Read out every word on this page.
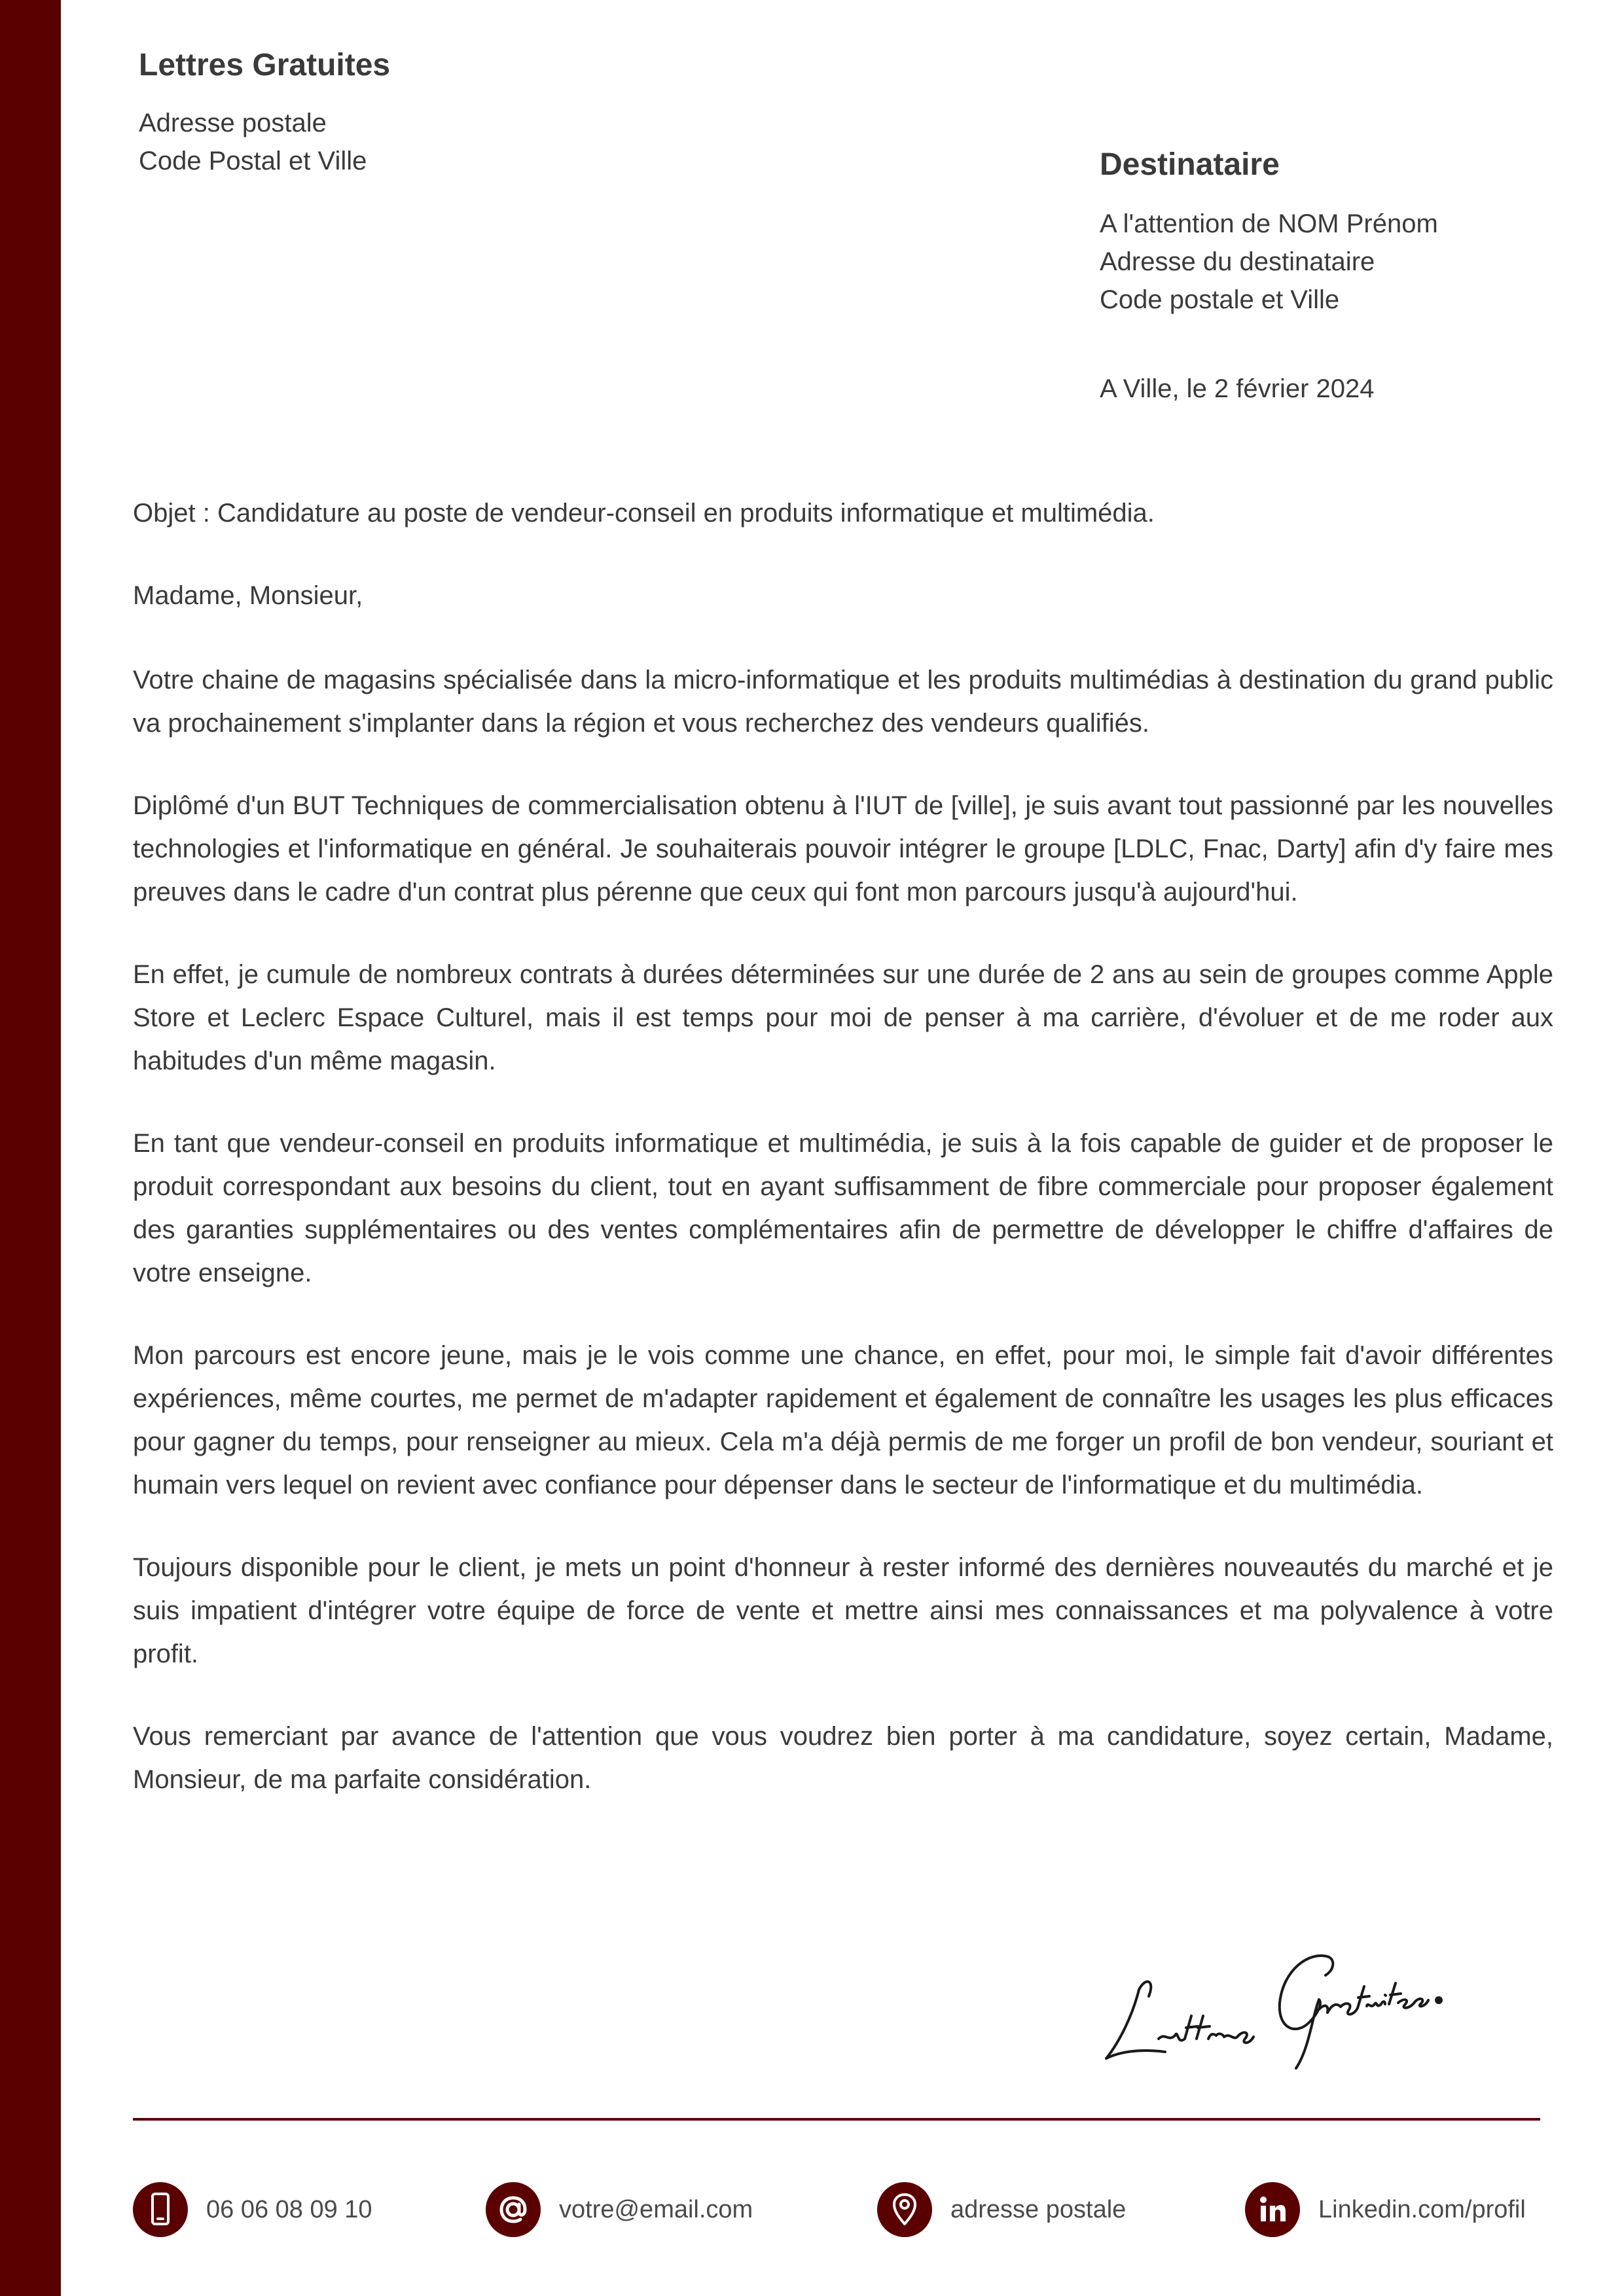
Lettres Gratuites
Adresse postale
Code Postal et Ville	Destinataire
A l'attention de NOM Prénom
Adresse du destinataire
Code postale et Ville
A Ville, le 2 février 2024
Objet : Candidature au poste de vendeur-conseil en produits informatique et multimédia.
Madame, Monsieur,

Votre chaine de magasins spécialisée dans la micro-informatique et les produits multimédias à destination du grand public va prochainement s'implanter dans la région et vous recherchez des vendeurs qualifiés.

Diplômé d'un BUT Techniques de commercialisation obtenu à l'IUT de [ville], je suis avant tout passionné par les nouvelles technologies et l'informatique en général. Je souhaiterais pouvoir intégrer le groupe [LDLC, Fnac, Darty] afin d'y faire mes preuves dans le cadre d'un contrat plus pérenne que ceux qui font mon parcours jusqu'à aujourd'hui.

En effet, je cumule de nombreux contrats à durées déterminées sur une durée de 2 ans au sein de groupes comme Apple Store et Leclerc Espace Culturel, mais il est temps pour moi de penser à ma carrière, d'évoluer et de me roder aux habitudes d'un même magasin.

En tant que vendeur-conseil en produits informatique et multimédia, je suis à la fois capable de guider et de proposer le produit correspondant aux besoins du client, tout en ayant suffisamment de fibre commerciale pour proposer également des garanties supplémentaires ou des ventes complémentaires afin de permettre de développer le chiffre d'affaires de votre enseigne.

Mon parcours est encore jeune, mais je le vois comme une chance, en effet, pour moi, le simple fait d'avoir différentes expériences, même courtes, me permet de m'adapter rapidement et également de connaître les usages les plus efficaces pour gagner du temps, pour renseigner au mieux. Cela m'a déjà permis de me forger un profil de bon vendeur, souriant et humain vers lequel on revient avec confiance pour dépenser dans le secteur de l'informatique et du multimédia.

Toujours disponible pour le client, je mets un point d'honneur à rester informé des dernières nouveautés du marché et je suis impatient d'intégrer votre équipe de force de vente et mettre ainsi mes connaissances et ma polyvalence à votre profit.

Vous remerciant par avance de l'attention que vous voudrez bien porter à ma candidature, soyez certain, Madame, Monsieur, de ma parfaite considération.

06 06 08 09 10	votre@email.com	adresse postale	Linkedin.com/profil
